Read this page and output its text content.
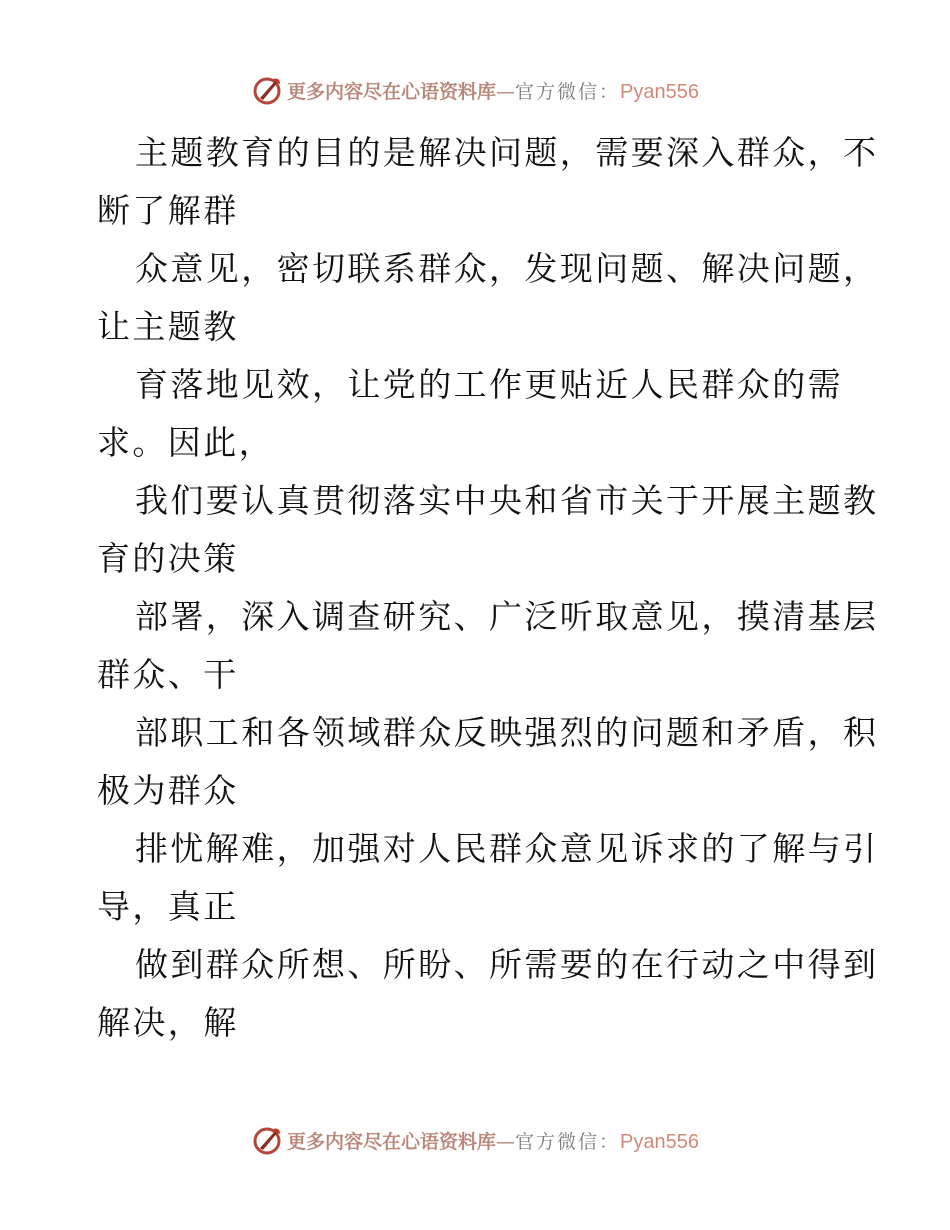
更多内容尽在心语资料库 — 官方微信： Pyan556

主题教育的目的是解决问题，需要深入群众，不
断了解群

众意见，密切联系群众，发现问题、解决问题，
让主题教

育落地见效，让党的工作更贴近人民群众的需
求。因此，

我们要认真贯彻落实中央和省市关于开展主题教
育的决策

部署，深入调查研究、广泛听取意见，摸清基层
群众、干

部职工和各领域群众反映强烈的问题和矛盾，积
极为群众

排忧解难，加强对人民群众意见诉求的了解与引
导，真正

做到群众所想、所盼、所需要的在行动之中得到
解决，解

更多内容尽在心语资料库 — 官方微信： Pyan556
